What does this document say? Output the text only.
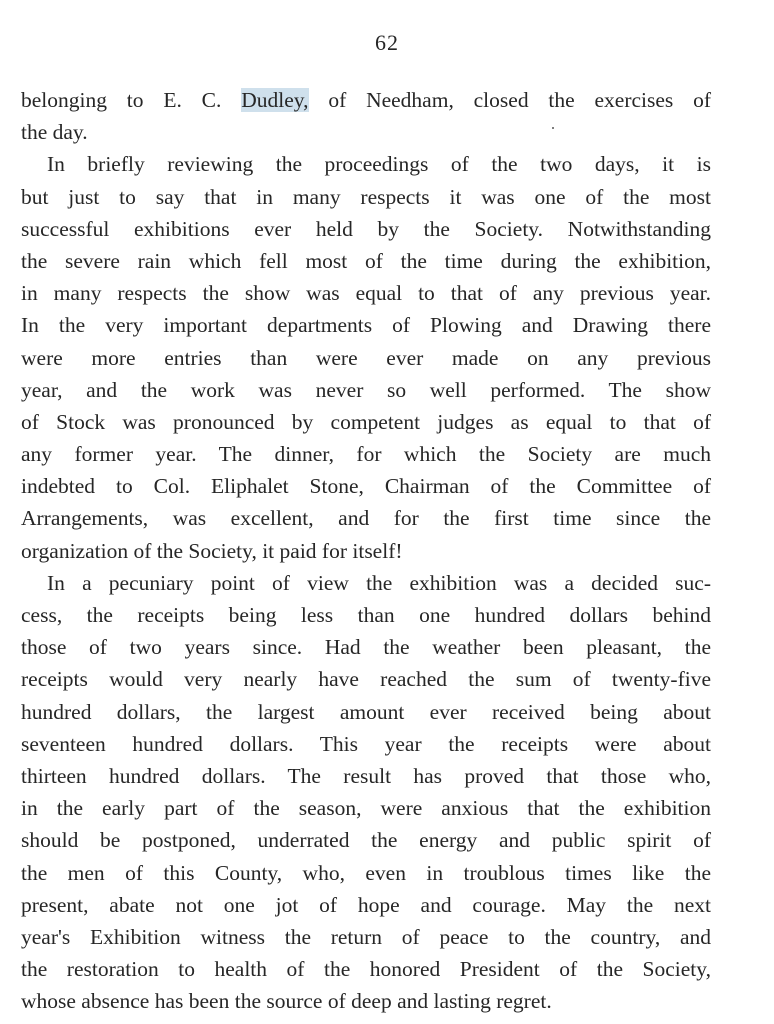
62
belonging to E. C. Dudley, of Needham, closed the exercises of
the day.
In briefly reviewing the proceedings of the two days, it is
but just to say that in many respects it was one of the most
successful exhibitions ever held by the Society. Notwithstanding
the severe rain which fell most of the time during the exhibition,
in many respects the show was equal to that of any previous year.
In the very important departments of Plowing and Drawing there
were more entries than were ever made on any previous
year, and the work was never so well performed. The show
of Stock was pronounced by competent judges as equal to that of
any former year. The dinner, for which the Society are much
indebted to Col. Eliphalet Stone, Chairman of the Committee of
Arrangements, was excellent, and for the first time since the
organization of the Society, it paid for itself!
In a pecuniary point of view the exhibition was a decided suc-
cess, the receipts being less than one hundred dollars behind
those of two years since. Had the weather been pleasant, the
receipts would very nearly have reached the sum of twenty-five
hundred dollars, the largest amount ever received being about
seventeen hundred dollars. This year the receipts were about
thirteen hundred dollars. The result has proved that those who,
in the early part of the season, were anxious that the exhibition
should be postponed, underrated the energy and public spirit of
the men of this County, who, even in troublous times like the
present, abate not one jot of hope and courage. May the next
year's Exhibition witness the return of peace to the country, and
the restoration to health of the honored President of the Society,
whose absence has been the source of deep and lasting regret.
